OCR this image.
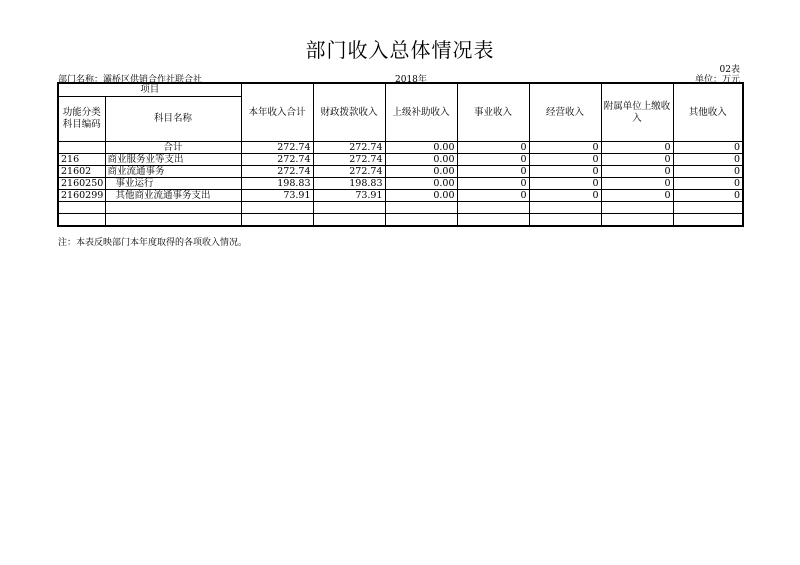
部门收入总体情况表
02表
部门名称：灞桥区供销合作社联合社	2018年	单位：万元
项目		本年收入合计	财政拨款收入	上级补助收入	事业收入	经营收入	附属单位上缴收入	其他收入
功能分类科目编码	科目名称							
	合计	272.74	272.74	0.00	0	0	0	0
216	商业服务业等支出	272.74	272.74	0.00	0	0	0	0
21602	商业流通事务	272.74	272.74	0.00	0	0	0	0
2160250	事业运行	198.83	198.83	0.00	0	0	0	0
2160299	其他商业流通事务支出	73.91	73.91	0.00	0	0	0	0

注：本表反映部门本年度取得的各项收入情况。
